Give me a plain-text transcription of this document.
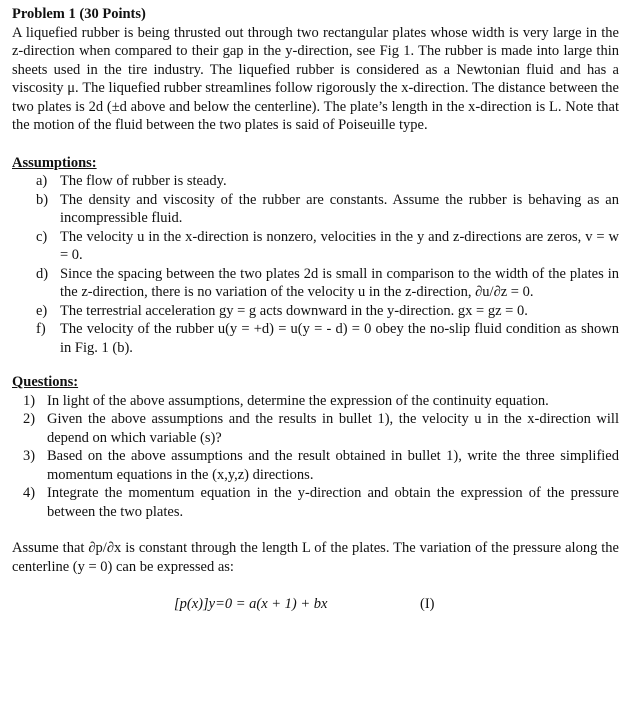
Problem 1 (30 Points)

A liquefied rubber is being thrusted out through two rectangular plates whose width is very large in the z-direction when compared to their gap in the y-direction, see Fig 1. The rubber is made into large thin sheets used in the tire industry. The liquefied rubber is considered as a Newtonian fluid and has a viscosity μ. The liquefied rubber streamlines follow rigorously the x-direction. The distance between the two plates is 2d (±d above and below the centerline). The plate’s length in the x-direction is L. Note that the motion of the fluid between the two plates is said of Poiseuille type.

Assumptions:

a) The flow of rubber is steady.
b) The density and viscosity of the rubber are constants. Assume the rubber is behaving as an incompressible fluid.
c) The velocity u in the x-direction is nonzero, velocities in the y and z-directions are zeros, v = w = 0.
d) Since the spacing between the two plates 2d is small in comparison to the width of the plates in the z-direction, there is no variation of the velocity u in the z-direction, ∂u/∂z = 0.
e) The terrestrial acceleration gy = g acts downward in the y-direction. gx = gz = 0.
f) The velocity of the rubber u(y = +d) = u(y = - d) = 0 obey the no-slip fluid condition as shown in Fig. 1 (b).

Questions:

1) In light of the above assumptions, determine the expression of the continuity equation.
2) Given the above assumptions and the results in bullet 1), the velocity u in the x-direction will depend on which variable (s)?
3) Based on the above assumptions and the result obtained in bullet 1), write the three simplified momentum equations in the (x,y,z) directions.
4) Integrate the momentum equation in the y-direction and obtain the expression of the pressure between the two plates.

Assume that ∂p/∂x is constant through the length L of the plates. The variation of the pressure along the centerline (y = 0) can be expressed as:

[p(x)]y=0 = a(x + 1) + bx	(I)
